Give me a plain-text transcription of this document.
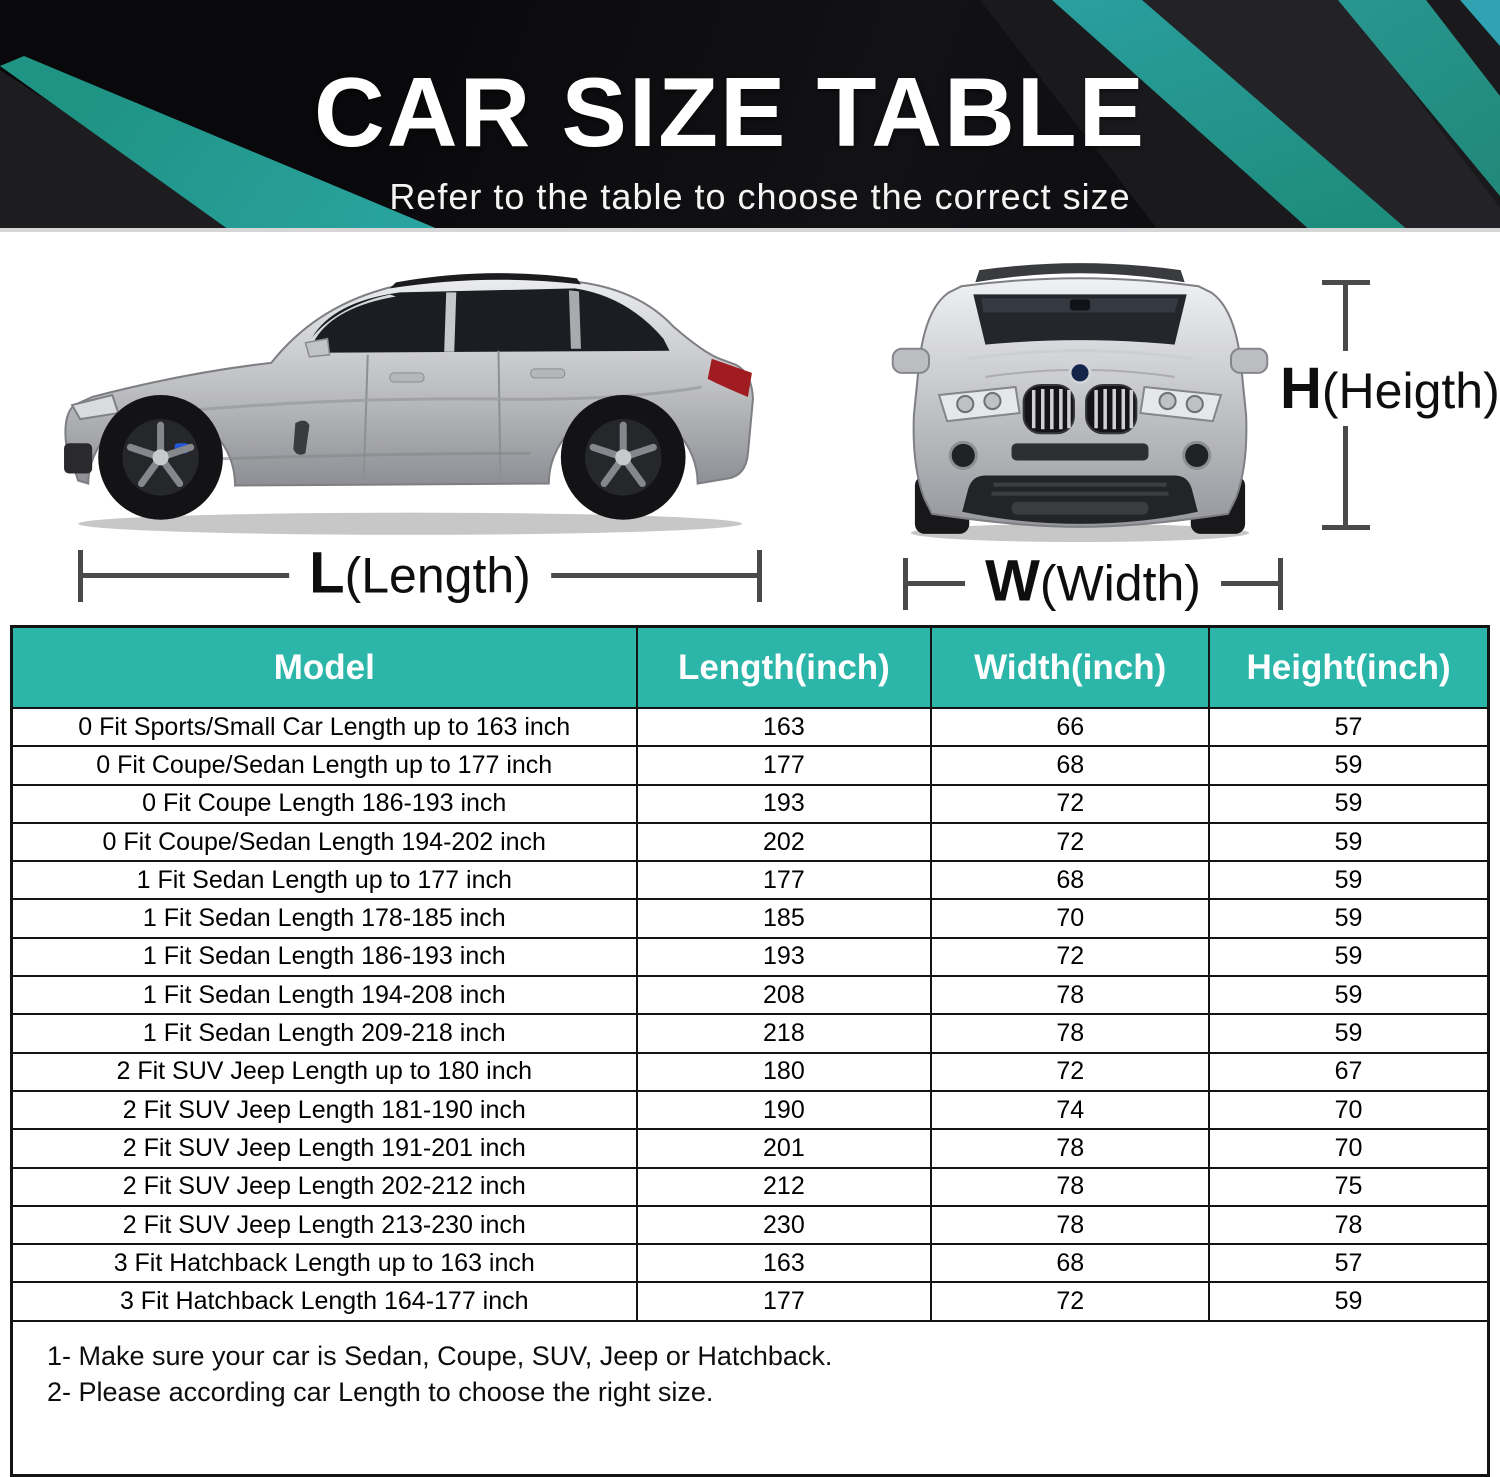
CAR SIZE TABLE
Refer to the table to choose the correct size
L(Length)	W(Width)
H(Heigth)
Model	Length(inch)	Width(inch)	Height(inch)
0 Fit Sports/Small Car Length up to 163 inch	163	66	57
0 Fit Coupe/Sedan Length up to 177 inch	177	68	59
0 Fit Coupe Length 186-193 inch	193	72	59
0 Fit Coupe/Sedan Length 194-202 inch	202	72	59
1 Fit Sedan Length up to 177 inch	177	68	59
1 Fit Sedan Length 178-185 inch	185	70	59
1 Fit Sedan Length 186-193 inch	193	72	59
1 Fit Sedan Length 194-208 inch	208	78	59
1 Fit Sedan Length 209-218 inch	218	78	59
2 Fit SUV Jeep Length up to 180 inch	180	72	67
2 Fit SUV Jeep Length 181-190 inch	190	74	70
2 Fit SUV Jeep Length 191-201 inch	201	78	70
2 Fit SUV Jeep Length 202-212 inch	212	78	75
2 Fit SUV Jeep Length 213-230 inch	230	78	78
3 Fit Hatchback Length up to 163 inch	163	68	57
3 Fit Hatchback Length 164-177 inch	177	72	59
1- Make sure your car is Sedan, Coupe, SUV, Jeep or Hatchback.
2- Please according car Length to choose the right size.
